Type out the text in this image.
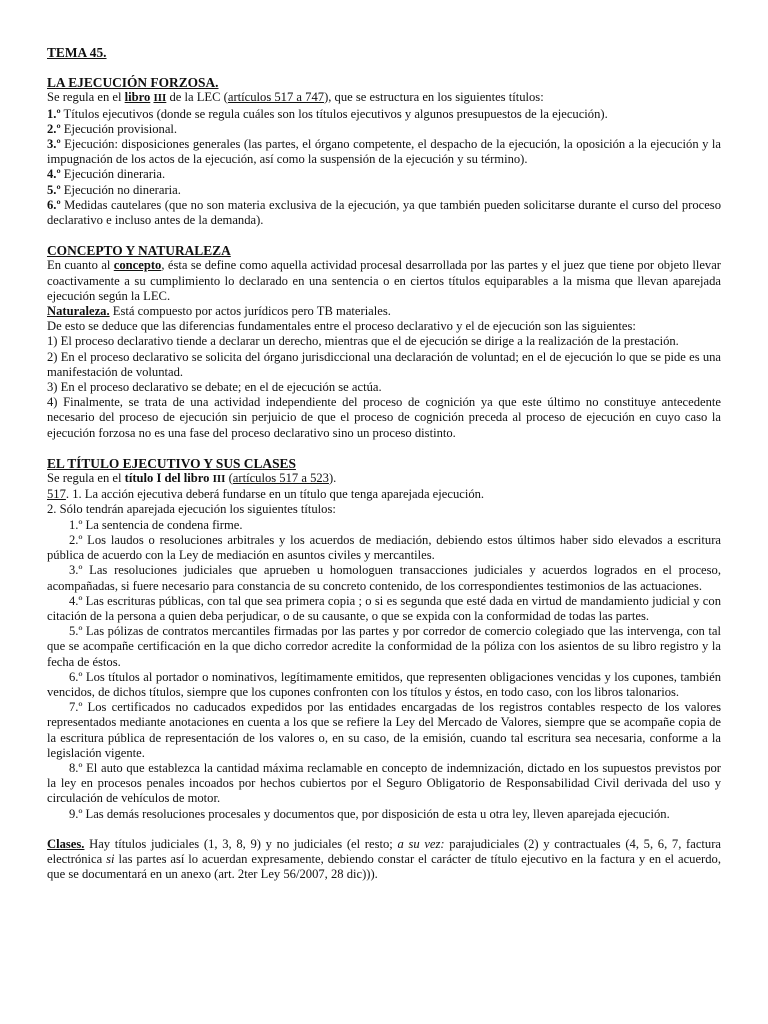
TEMA 45.

LA EJECUCIÓN FORZOSA.

Se regula en el libro III de la LEC (artículos 517 a 747), que se estructura en los siguientes títulos:

1.º Títulos ejecutivos (donde se regula cuáles son los títulos ejecutivos y algunos presupuestos de la ejecución).

2.º Ejecución provisional.

3.º Ejecución: disposiciones generales (las partes, el órgano competente, el despacho de la ejecución, la oposición a la ejecución y la impugnación de los actos de la ejecución, así como la suspensión de la ejecución y su término).

4.º Ejecución dineraria.

5.º Ejecución no dineraria.

6.º Medidas cautelares (que no son materia exclusiva de la ejecución, ya que también pueden solicitarse durante el curso del proceso declarativo e incluso antes de la demanda).

CONCEPTO Y NATURALEZA

En cuanto al concepto, ésta se define como aquella actividad procesal desarrollada por las partes y el juez que tiene por objeto llevar coactivamente a su cumplimiento lo declarado en una sentencia o en ciertos títulos equiparables a la misma que llevan aparejada ejecución según la LEC.

Naturaleza. Está compuesto por actos jurídicos pero TB materiales.

De esto se deduce que las diferencias fundamentales entre el proceso declarativo y el de ejecución son las siguientes:

1) El proceso declarativo tiende a declarar un derecho, mientras que el de ejecución se dirige a la realización de la prestación.

2) En el proceso declarativo se solicita del órgano jurisdiccional una declaración de voluntad; en el de ejecución lo que se pide es una manifestación de voluntad.

3) En el proceso declarativo se debate; en el de ejecución se actúa.

4) Finalmente, se trata de una actividad independiente del proceso de cognición ya que este último no constituye antecedente necesario del proceso de ejecución sin perjuicio de que el proceso de cognición preceda al proceso de ejecución en cuyo caso la ejecución forzosa no es una fase del proceso declarativo sino un proceso distinto.

EL TÍTULO EJECUTIVO Y SUS CLASES

Se regula en el título I del libro III (artículos 517 a 523).

517. 1. La acción ejecutiva deberá fundarse en un título que tenga aparejada ejecución.

2. Sólo tendrán aparejada ejecución los siguientes títulos:

1.º La sentencia de condena firme.

2.º Los laudos o resoluciones arbitrales y los acuerdos de mediación, debiendo estos últimos haber sido elevados a escritura pública de acuerdo con la Ley de mediación en asuntos civiles y mercantiles.

3.º Las resoluciones judiciales que aprueben u homologuen transacciones judiciales y acuerdos logrados en el proceso, acompañadas, si fuere necesario para constancia de su concreto contenido, de los correspondientes testimonios de las actuaciones.

4.º Las escrituras públicas, con tal que sea primera copia ; o si es segunda que esté dada en virtud de mandamiento judicial y con citación de la persona a quien deba perjudicar, o de su causante, o que se expida con la conformidad de todas las partes.

5.º Las pólizas de contratos mercantiles firmadas por las partes y por corredor de comercio colegiado que las intervenga, con tal que se acompañe certificación en la que dicho corredor acredite la conformidad de la póliza con los asientos de su libro registro y la fecha de éstos.

6.º Los títulos al portador o nominativos, legítimamente emitidos, que representen obligaciones vencidas y los cupones, también vencidos, de dichos títulos, siempre que los cupones confronten con los títulos y éstos, en todo caso, con los libros talonarios.

7.º Los certificados no caducados expedidos por las entidades encargadas de los registros contables respecto de los valores representados mediante anotaciones en cuenta a los que se refiere la Ley del Mercado de Valores, siempre que se acompañe copia de la escritura pública de representación de los valores o, en su caso, de la emisión, cuando tal escritura sea necesaria, conforme a la legislación vigente.

8.º El auto que establezca la cantidad máxima reclamable en concepto de indemnización, dictado en los supuestos previstos por la ley en procesos penales incoados por hechos cubiertos por el Seguro Obligatorio de Responsabilidad Civil derivada del uso y circulación de vehículos de motor.

9.º Las demás resoluciones procesales y documentos que, por disposición de esta u otra ley, lleven aparejada ejecución.

Clases. Hay títulos judiciales (1, 3, 8, 9) y no judiciales (el resto; a su vez: parajudiciales (2) y contractuales (4, 5, 6, 7, factura electrónica si las partes así lo acuerdan expresamente, debiendo constar el carácter de título ejecutivo en la factura y en el acuerdo, que se documentará en un anexo (art. 2ter Ley 56/2007, 28 dic))).
